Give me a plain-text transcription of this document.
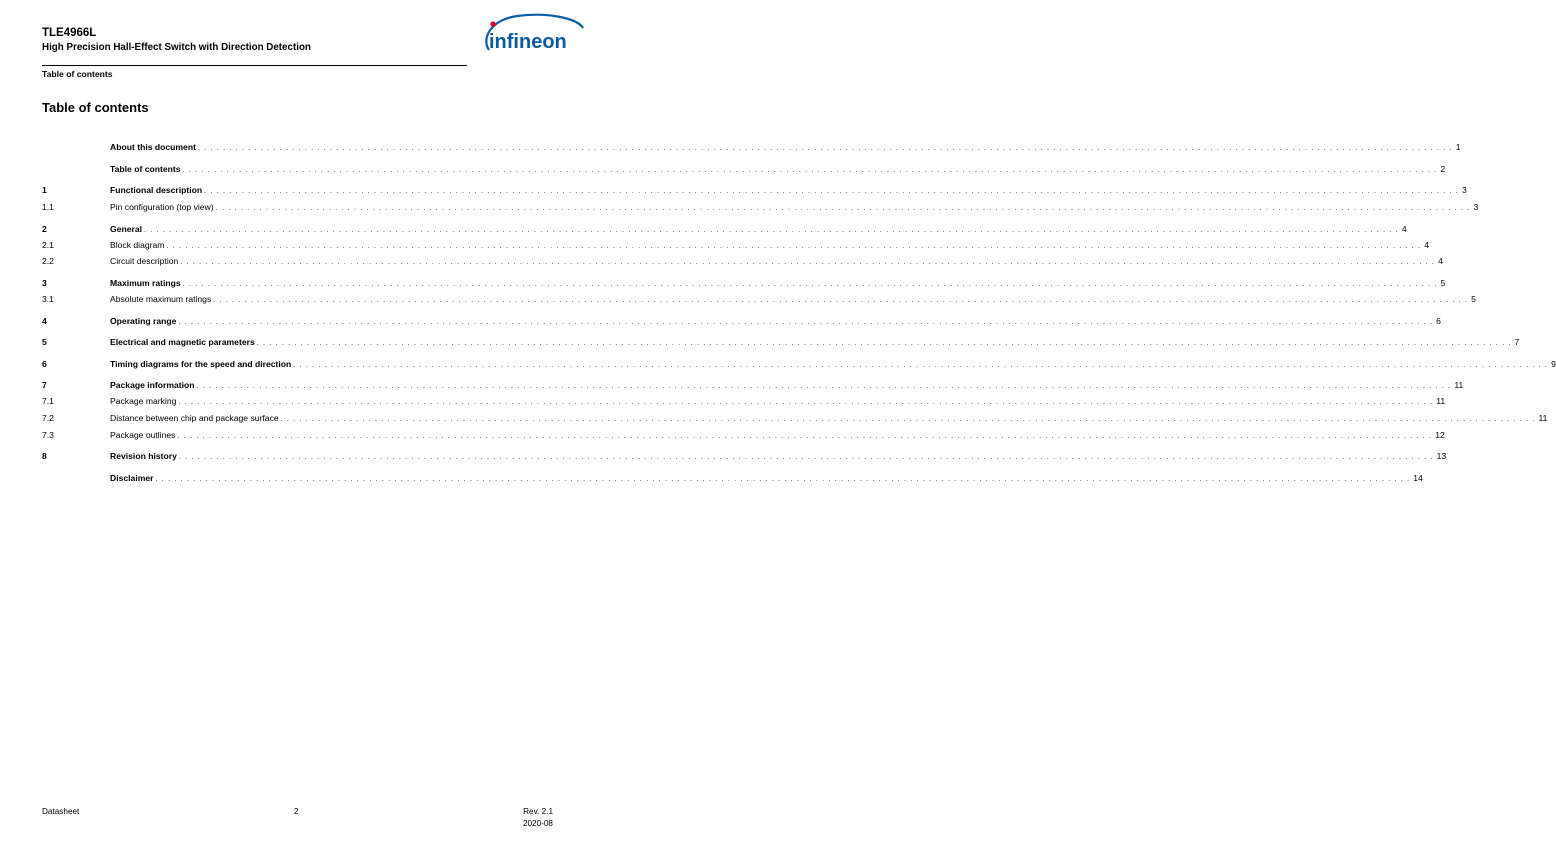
TLE4966L
High Precision Hall-Effect Switch with Direction Detection
Table of contents
infineon
Table of contents
About this document . . . . . . . . . . . . . . . . . . . . . . . . . . . . . . . . . . . . . . . . . . . . . . . . . . . . . . . . . . . . . . . . . . . . . . . . . . . . . . . . . . . . . . . . . . . . . . . . . . . . . . . . . . . . . . . . . . . . . . . . . . . . . . . . . . . . . . . . . . . . . . . . . . . . . . . . . . . . . . . . . . . . . . . . . . . . . . . . . . . . . . . . . . . . . . . . . . . . . . . . 1
Table of contents . . . . . . . . . . . . . . . . . . . . . . . . . . . . . . . . . . . . . . . . . . . . . . . . . . . . . . . . . . . . . . . . . . . . . . . . . . . . . . . . . . . . . . . . . . . . . . . . . . . . . . . . . . . . . . . . . . . . . . . . . . . . . . . . . . . . . . . . . . . . . . . . . . . . . . . . . . . . . . . . . . . . . . . . . . . . . . . . . . . . . . . . . . . . . . . . . . . . . . . . 2
1	Functional description . . . . . . . . . . . . . . . . . . . . . . . . . . . . . . . . . . . . . . . . . . . . . . . . . . . . . . . . . . . . . . . . . . . . . . . . . . . . . . . . . . . . . . . . . . . . . . . . . . . . . . . . . . . . . . . . . . . . . . . . . . . . . . . . . . . . . . . . . . . . . . . . . . . . . . . . . . . . . . . . . . . . . . . . . . . . . . . . . . . . . . . . . . . . . . . . . . . . . . . . 3
1.1	Pin configuration (top view) . . . . . . . . . . . . . . . . . . . . . . . . . . . . . . . . . . . . . . . . . . . . . . . . . . . . . . . . . . . . . . . . . . . . . . . . . . . . . . . . . . . . . . . . . . . . . . . . . . . . . . . . . . . . . . . . . . . . . . . . . . . . . . . . . . . . . . . . . . . . . . . . . . . . . . . . . . . . . . . . . . . . . . . . . . . . . . . . . . . . . . . . . . . . . . . . . . . . . . . . 3
2	General . . . . . . . . . . . . . . . . . . . . . . . . . . . . . . . . . . . . . . . . . . . . . . . . . . . . . . . . . . . . . . . . . . . . . . . . . . . . . . . . . . . . . . . . . . . . . . . . . . . . . . . . . . . . . . . . . . . . . . . . . . . . . . . . . . . . . . . . . . . . . . . . . . . . . . . . . . . . . . . . . . . . . . . . . . . . . . . . . . . . . . . . . . . . . . . . . . . . . . . . 4
2.1	Block diagram . . . . . . . . . . . . . . . . . . . . . . . . . . . . . . . . . . . . . . . . . . . . . . . . . . . . . . . . . . . . . . . . . . . . . . . . . . . . . . . . . . . . . . . . . . . . . . . . . . . . . . . . . . . . . . . . . . . . . . . . . . . . . . . . . . . . . . . . . . . . . . . . . . . . . . . . . . . . . . . . . . . . . . . . . . . . . . . . . . . . . . . . . . . . . . . . . . . . . . . . 4
2.2	Circuit description . . . . . . . . . . . . . . . . . . . . . . . . . . . . . . . . . . . . . . . . . . . . . . . . . . . . . . . . . . . . . . . . . . . . . . . . . . . . . . . . . . . . . . . . . . . . . . . . . . . . . . . . . . . . . . . . . . . . . . . . . . . . . . . . . . . . . . . . . . . . . . . . . . . . . . . . . . . . . . . . . . . . . . . . . . . . . . . . . . . . . . . . . . . . . . . . . . . . . . . . 4
3	Maximum ratings . . . . . . . . . . . . . . . . . . . . . . . . . . . . . . . . . . . . . . . . . . . . . . . . . . . . . . . . . . . . . . . . . . . . . . . . . . . . . . . . . . . . . . . . . . . . . . . . . . . . . . . . . . . . . . . . . . . . . . . . . . . . . . . . . . . . . . . . . . . . . . . . . . . . . . . . . . . . . . . . . . . . . . . . . . . . . . . . . . . . . . . . . . . . . . . . . . . . . . . . 5
3.1	Absolute maximum ratings . . . . . . . . . . . . . . . . . . . . . . . . . . . . . . . . . . . . . . . . . . . . . . . . . . . . . . . . . . . . . . . . . . . . . . . . . . . . . . . . . . . . . . . . . . . . . . . . . . . . . . . . . . . . . . . . . . . . . . . . . . . . . . . . . . . . . . . . . . . . . . . . . . . . . . . . . . . . . . . . . . . . . . . . . . . . . . . . . . . . . . . . . . . . . . . . . . . . . . . . 5
4	Operating range . . . . . . . . . . . . . . . . . . . . . . . . . . . . . . . . . . . . . . . . . . . . . . . . . . . . . . . . . . . . . . . . . . . . . . . . . . . . . . . . . . . . . . . . . . . . . . . . . . . . . . . . . . . . . . . . . . . . . . . . . . . . . . . . . . . . . . . . . . . . . . . . . . . . . . . . . . . . . . . . . . . . . . . . . . . . . . . . . . . . . . . . . . . . . . . . . . . . . . . . 6
5	Electrical and magnetic parameters . . . . . . . . . . . . . . . . . . . . . . . . . . . . . . . . . . . . . . . . . . . . . . . . . . . . . . . . . . . . . . . . . . . . . . . . . . . . . . . . . . . . . . . . . . . . . . . . . . . . . . . . . . . . . . . . . . . . . . . . . . . . . . . . . . . . . . . . . . . . . . . . . . . . . . . . . . . . . . . . . . . . . . . . . . . . . . . . . . . . . . . . . . . . . . . . . . . . . . . . 7
6	Timing diagrams for the speed and direction . . . . . . . . . . . . . . . . . . . . . . . . . . . . . . . . . . . . . . . . . . . . . . . . . . . . . . . . . . . . . . . . . . . . . . . . . . . . . . . . . . . . . . . . . . . . . . . . . . . . . . . . . . . . . . . . . . . . . . . . . . . . . . . . . . . . . . . . . . . . . . . . . . . . . . . . . . . . . . . . . . . . . . . . . . . . . . . . . . . . . . . . . . . . . . . . . . . . . . . . 9
7	Package information . . . . . . . . . . . . . . . . . . . . . . . . . . . . . . . . . . . . . . . . . . . . . . . . . . . . . . . . . . . . . . . . . . . . . . . . . . . . . . . . . . . . . . . . . . . . . . . . . . . . . . . . . . . . . . . . . . . . . . . . . . . . . . . . . . . . . . . . . . . . . . . . . . . . . . . . . . . . . . . . . . . . . . . . . . . . . . . . . . . . . . . . . . . . . . . . . . . . . . . . 11
7.1	Package marking . . . . . . . . . . . . . . . . . . . . . . . . . . . . . . . . . . . . . . . . . . . . . . . . . . . . . . . . . . . . . . . . . . . . . . . . . . . . . . . . . . . . . . . . . . . . . . . . . . . . . . . . . . . . . . . . . . . . . . . . . . . . . . . . . . . . . . . . . . . . . . . . . . . . . . . . . . . . . . . . . . . . . . . . . . . . . . . . . . . . . . . . . . . . . . . . . . . . . . . . 11
7.2	Distance between chip and package surface . . . . . . . . . . . . . . . . . . . . . . . . . . . . . . . . . . . . . . . . . . . . . . . . . . . . . . . . . . . . . . . . . . . . . . . . . . . . . . . . . . . . . . . . . . . . . . . . . . . . . . . . . . . . . . . . . . . . . . . . . . . . . . . . . . . . . . . . . . . . . . . . . . . . . . . . . . . . . . . . . . . . . . . . . . . . . . . . . . . . . . . . . . . . . . . . . . . . . . . . 11
7.3	Package outlines . . . . . . . . . . . . . . . . . . . . . . . . . . . . . . . . . . . . . . . . . . . . . . . . . . . . . . . . . . . . . . . . . . . . . . . . . . . . . . . . . . . . . . . . . . . . . . . . . . . . . . . . . . . . . . . . . . . . . . . . . . . . . . . . . . . . . . . . . . . . . . . . . . . . . . . . . . . . . . . . . . . . . . . . . . . . . . . . . . . . . . . . . . . . . . . . . . . . . . . . 12
8	Revision history . . . . . . . . . . . . . . . . . . . . . . . . . . . . . . . . . . . . . . . . . . . . . . . . . . . . . . . . . . . . . . . . . . . . . . . . . . . . . . . . . . . . . . . . . . . . . . . . . . . . . . . . . . . . . . . . . . . . . . . . . . . . . . . . . . . . . . . . . . . . . . . . . . . . . . . . . . . . . . . . . . . . . . . . . . . . . . . . . . . . . . . . . . . . . . . . . . . . . . . . 13
Disclaimer . . . . . . . . . . . . . . . . . . . . . . . . . . . . . . . . . . . . . . . . . . . . . . . . . . . . . . . . . . . . . . . . . . . . . . . . . . . . . . . . . . . . . . . . . . . . . . . . . . . . . . . . . . . . . . . . . . . . . . . . . . . . . . . . . . . . . . . . . . . . . . . . . . . . . . . . . . . . . . . . . . . . . . . . . . . . . . . . . . . . . . . . . . . . . . . . . . . . . . . . 14
Datasheet	2	Rev. 2.1
2020-08
